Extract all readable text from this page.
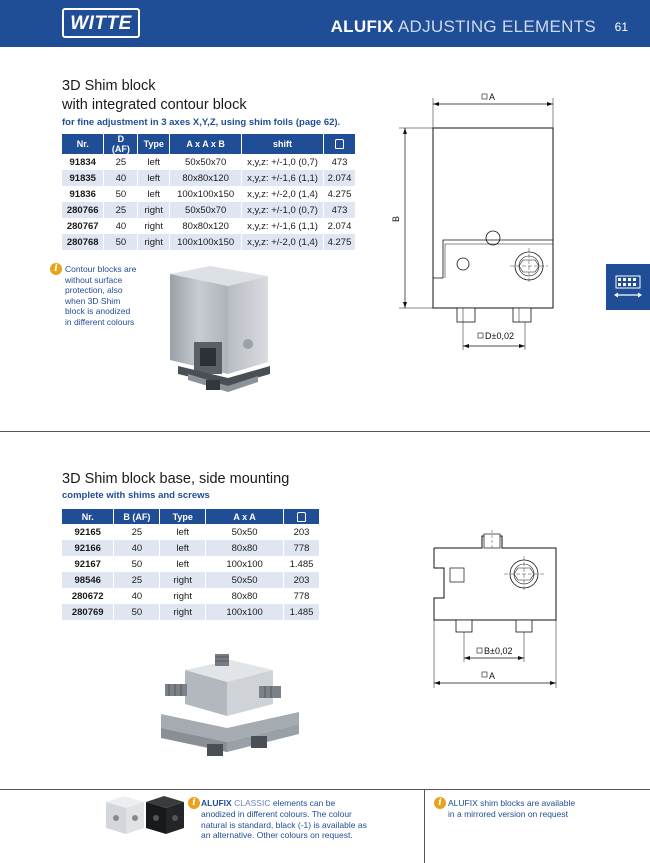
WITTE	ALUFIX ADJUSTING ELEMENTS 61
3D Shim block
with integrated contour block
for fine adjustment in 3 axes X,Y,Z, using shim foils (page 62).
Nr.	D (AF)	Type	A x A x B	shift	
91834	25	left	50x50x70	x,y,z: +/-1,0 (0,7)	473
91835	40	left	80x80x120	x,y,z: +/-1,6 (1,1)	2.074
91836	50	left	100x100x150	x,y,z: +/-2,0 (1,4)	4.275
280766	25	right	50x50x70	x,y,z: +/-1,0 (0,7)	473
280767	40	right	80x80x120	x,y,z: +/-1,6 (1,1)	2.074
280768	50	right	100x100x150	x,y,z: +/-2,0 (1,4)	4.275
i Contour blocks are
without surface
protection, also
when 3D Shim
block is anodized
in different colours
A
B
D±0,02
3D Shim block base, side mounting
complete with shims and screws
Nr.	B (AF)	Type	A x A	
92165	25	left	50x50	203
92166	40	left	80x80	778
92167	50	left	100x100	1.485
98546	25	right	50x50	203
280672	40	right	80x80	778
280769	50	right	100x100	1.485
B±0,02
A
i ALUFIX CLASSIC elements can be
anodized in different colours. The colour
natural is standard, black (-1) is available as
an alternative. Other colours on request.
i ALUFIX shim blocks are available
in a mirrored version on request
